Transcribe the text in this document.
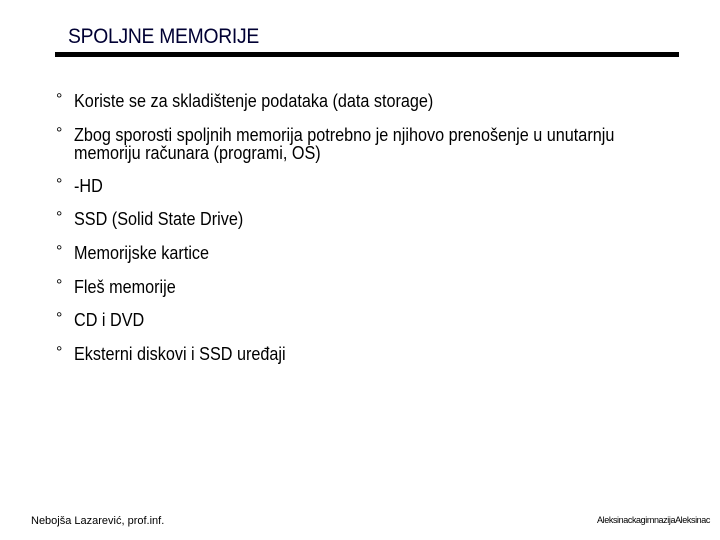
SPOLJNE MEMORIJE
° Koriste se za skladištenje podataka (data storage)
° Zbog sporosti spoljnih memorija potrebno je njihovo prenošenje u unutarnju
memoriju računara (programi, OS)
° -HD
° SSD (Solid State Drive)
° Memorijske kartice
° Fleš memorije
° CD i DVD
° Eksterni diskovi i SSD uređaji
Nebojša Lazarević, prof.inf.	AleksinackagimnazijaAleksinac
